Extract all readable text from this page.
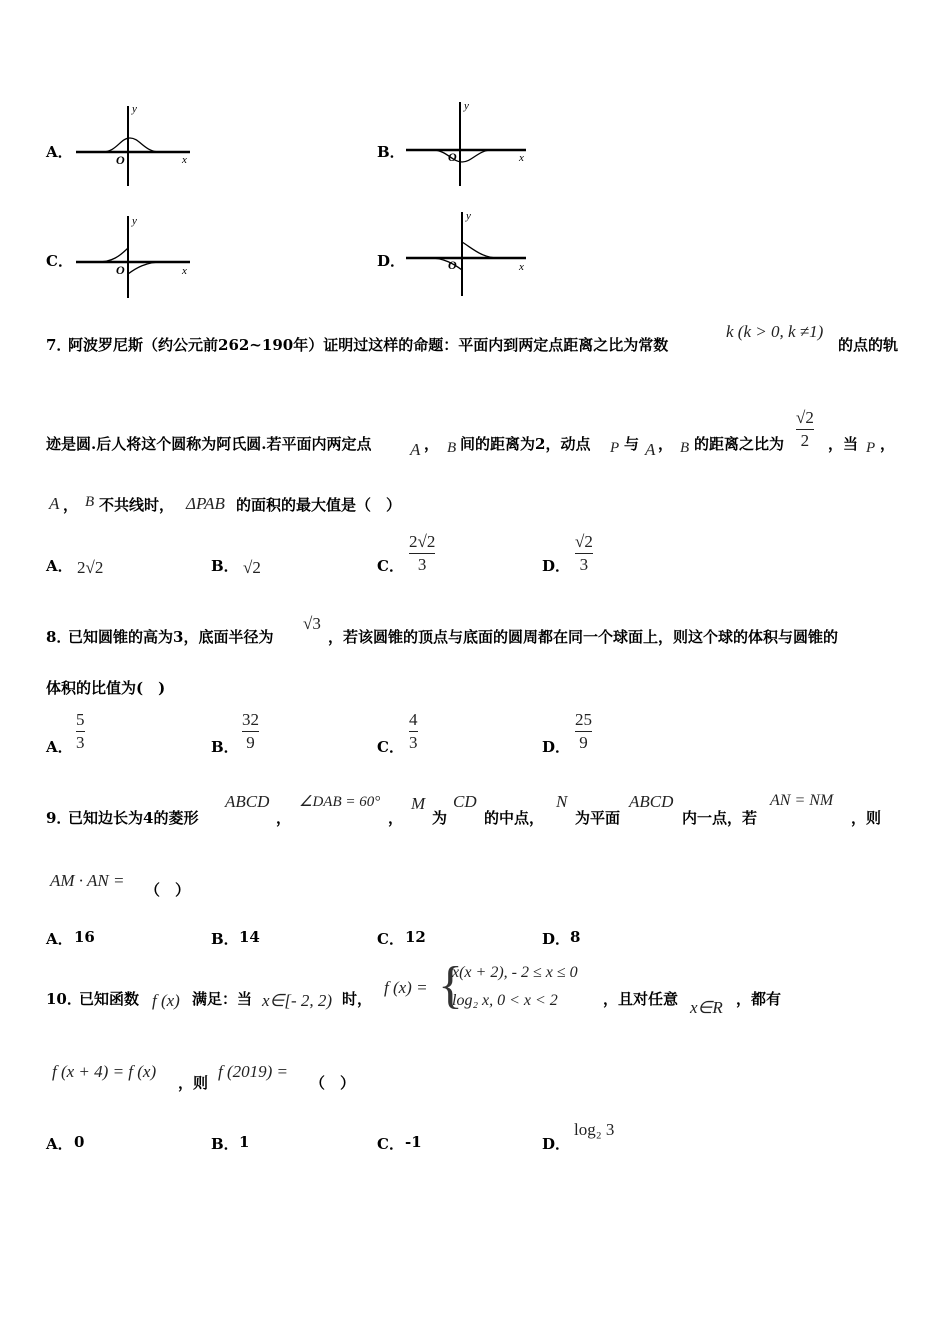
A．
y
x
O	B．
y
x
O
C．
y
x
O	D．
y
x
O
7．
阿波罗尼斯（约公元前262~190年）证明过这样的命题：平面内到两定点距离之比为常数
k (k > 0, k ≠1)
的点的轨
迹是圆.后人将这个圆称为阿氏圆.若平面内两定点 A ， B 间的距离为2，动点 P 与 A ， B 的距离之比为
√2
2 ，当 P ，
A ， B 不共线时， ΔPAB 的面积的最大值是（　）
A． 2√2	B． √2	C．
2√2
3	D．
√2
3
8．
已知圆锥的高为3，底面半径为
√3
，若该圆锥的顶点与底面的圆周都在同一个球面上，则这个球的体积与圆锥的
体积的比值为(　)
A．
5
3	B．
32
9	C．
4
3	D．
25
9
9．
已知边长为4的菱形
ABCD
，
∠DAB = 60°
，
M
为
CD
的中点，
N
为平面
ABCD
内一点，若
AN = NM
，则
AM · AN = （　）
A． 16	B． 14	C． 12	D． 8
10．
已知函数 f (x) 满足：当 x∈[- 2, 2) 时，
f (x) = {
x(x + 2), - 2 ≤ x ≤ 0
log₂ x, 0 < x < 2	，且对任意 x∈R ，都有
f (x + 4) = f (x)
，则
f (2019) =
（　）
A． 0	B． 1	C． -1	D．
log₂ 3
